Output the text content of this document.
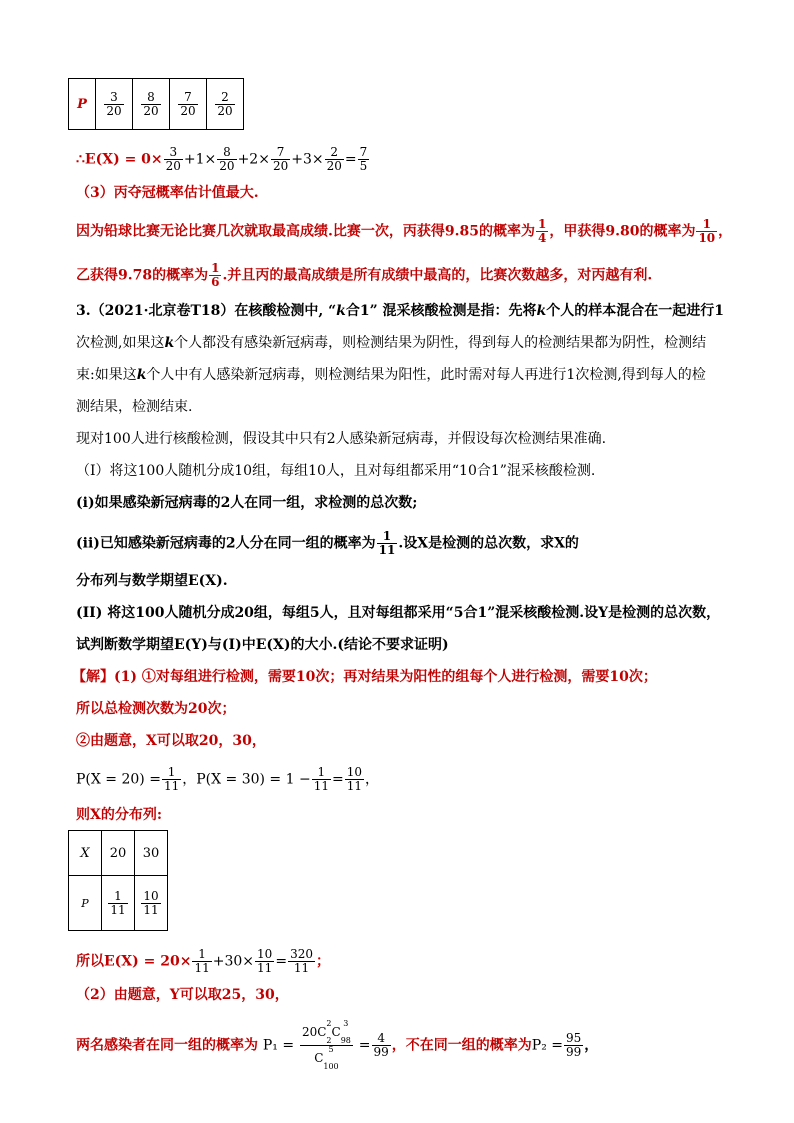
P	$\frac{3}{20}$	$\frac{8}{20}$	$\frac{7}{20}$	$\frac{2}{20}$
∴E(X) = $0\times \frac{3}{20} +1\times \frac{8}{20} +2\times \frac{7}{20} +3\times \frac{2}{20} = \frac{7}{5}$
（3）丙夺冠概率估计值最大.
因为铅球比赛无论比赛几次就取最高成绩.比赛一次，丙获得9.85的概率为 $\frac{1}{4}$ ，甲获得9.80的概率为 $\frac{1}{10}$ ，
乙获得9.78的概率为 $\frac{1}{6}$ .并且丙的最高成绩是所有成绩中最高的，比赛次数越多，对丙越有利.
3.（2021·北京卷T18）在核酸检测中, “k合1” 混采核酸检测是指：先将k个人的样本混合在一起进行1
次检测,如果这k个人都没有感染新冠病毒，则检测结果为阴性，得到每人的检测结果都为阴性，检测结
束:如果这k个人中有人感染新冠病毒，则检测结果为阳性，此时需对每人再进行1次检测,得到每人的检
测结果，检测结束.
现对100人进行核酸检测，假设其中只有2人感染新冠病毒，并假设每次检测结果准确.
（I）将这100人随机分成10组，每组10人，且对每组都采用“10合1”混采核酸检测.
(i)如果感染新冠病毒的2人在同一组，求检测的总次数;
(ii)已知感染新冠病毒的2人分在同一组的概率为 $\frac{1}{11}$ .设X是检测的总次数，求X的
分布列与数学期望E(X).
(II) 将这100人随机分成20组，每组5人，且对每组都采用“5合1”混采核酸检测.设Y是检测的总次数，
试判断数学期望E(Y)与(I)中E(X)的大小.(结论不要求证明)
【解】(1) ①对每组进行检测，需要10次；再对结果为阳性的组每个人进行检测，需要10次；
所以总检测次数为20次；
②由题意，X可以取20，30，
$P(X = 20) = \frac{1}{11}$ ，$P(X = 30) = 1 - \frac{1}{11} = \frac{10}{11}$ ，
则X的分布列:
X	20	30
P	$\frac{1}{11}$	$\frac{10}{11}$
所以$E(X) = 20\times \frac{1}{11} +30\times \frac{10}{11} = \frac{320}{11}$ ；
（2）由题意，Y可以取25，30，
两名感染者在同一组的概率为 P₁ =
$20C^2$
$_2C^3$
$_{98}$
$C^5$
$_{100}$
= $\frac{4}{99}$ ，不在同一组的概率为$P_2 = \frac{95}{99}$ ，
